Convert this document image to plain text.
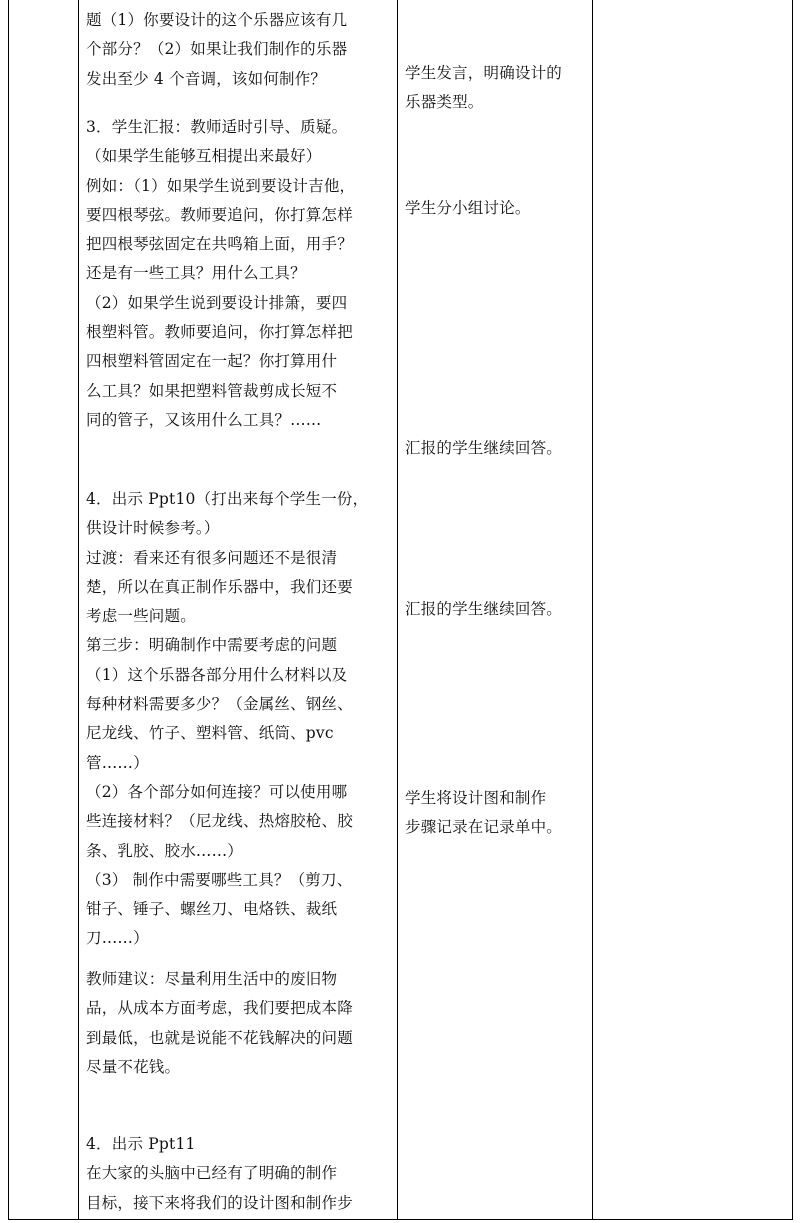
题（1）你要设计的这个乐器应该有几
个部分？（2）如果让我们制作的乐器
发出至少 4 个音调，该如何制作？
3．学生汇报：教师适时引导、质疑。
（如果学生能够互相提出来最好）
例如：（1）如果学生说到要设计吉他，
要四根琴弦。教师要追问，你打算怎样
把四根琴弦固定在共鸣箱上面，用手？
还是有一些工具？用什么工具？
（2）如果学生说到要设计排箫，要四
根塑料管。教师要追问，你打算怎样把
四根塑料管固定在一起？你打算用什
么工具？如果把塑料管裁剪成长短不
同的管子，又该用什么工具？……
4．出示 Ppt10（打出来每个学生一份，
供设计时候参考。）
过渡：看来还有很多问题还不是很清
楚，所以在真正制作乐器中，我们还要
考虑一些问题。
第三步：明确制作中需要考虑的问题
（1）这个乐器各部分用什么材料以及
每种材料需要多少？（金属丝、钢丝、
尼龙线、竹子、塑料管、纸筒、pvc
管……）
（2）各个部分如何连接？可以使用哪
些连接材料？（尼龙线、热熔胶枪、胶
条、乳胶、胶水……）
（3） 制作中需要哪些工具？（剪刀、
钳子、锤子、螺丝刀、电烙铁、裁纸
刀……）
教师建议：尽量利用生活中的废旧物
品，从成本方面考虑，我们要把成本降
到最低，也就是说能不花钱解决的问题
尽量不花钱。
4．出示 Ppt11
在大家的头脑中已经有了明确的制作
目标，接下来将我们的设计图和制作步
学生发言，明确设计的
乐器类型。
学生分小组讨论。
汇报的学生继续回答。
汇报的学生继续回答。
学生将设计图和制作
步骤记录在记录单中。
